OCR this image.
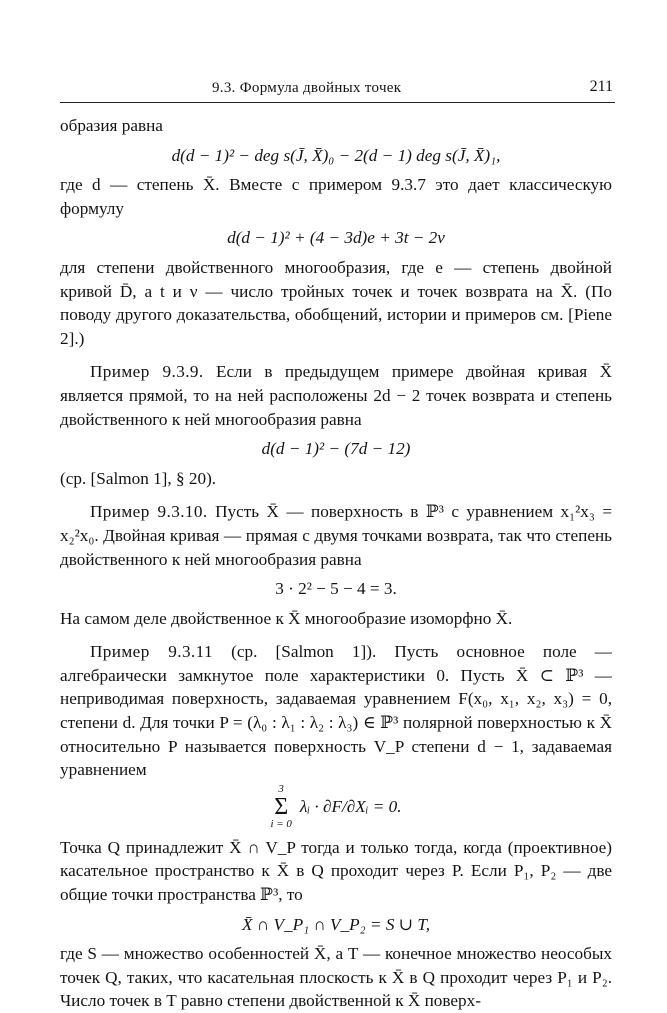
9.3. Формула двойных точек	211

образия равна

d(d − 1)² − deg s(J̄, X̄)₀ − 2(d − 1) deg s(J̄, X̄)₁,

где d — степень X̄. Вместе с примером 9.3.7 это дает классическую формулу

d(d − 1)² + (4 − 3d)e + 3t − 2ν

для степени двойственного многообразия, где e — степень двойной кривой D̄, а t и ν — число тройных точек и точек возврата на X̄. (По поводу другого доказательства, обобщений, истории и примеров см. [Piene 2].)

Пример 9.3.9. Если в предыдущем примере двойная кривая X̄ является прямой, то на ней расположены 2d − 2 точек возврата и степень двойственного к ней многообразия равна

d(d − 1)² − (7d − 12)

(ср. [Salmon 1], § 20).

Пример 9.3.10. Пусть X̄ — поверхность в ℙ³ с уравнением x₁²x₃ = x₂²x₀. Двойная кривая — прямая с двумя точками возврата, так что степень двойственного к ней многообразия равна

3 · 2² − 5 − 4 = 3.

На самом деле двойственное к X̄ многообразие изоморфно X̄.

Пример 9.3.11 (ср. [Salmon 1]). Пусть основное поле — алгебраически замкнутое поле характеристики 0. Пусть X̄ ⊂ ℙ³ — неприводимая поверхность, задаваемая уравнением F(x₀, x₁, x₂, x₃) = 0, степени d. Для точки P = (λ₀ : λ₁ : λ₂ : λ₃) ∈ ℙ³ полярной поверхностью к X̄ относительно P называется поверхность V_P степени d − 1, задаваемая уравнением

3
Σ
i = 0
λᵢ · ∂F/∂Xᵢ = 0.

Точка Q принадлежит X̄ ∩ V_P тогда и только тогда, когда (проективное) касательное пространство к X̄ в Q проходит через P. Если P₁, P₂ — две общие точки пространства ℙ³, то

X̄ ∩ V_P₁ ∩ V_P₂ = S ∪ T,

где S — множество особенностей X̄, а T — конечное множество неособых точек Q, таких, что касательная плоскость к X̄ в Q проходит через P₁ и P₂. Число точек в T равно степени двойственной к X̄ поверх-
